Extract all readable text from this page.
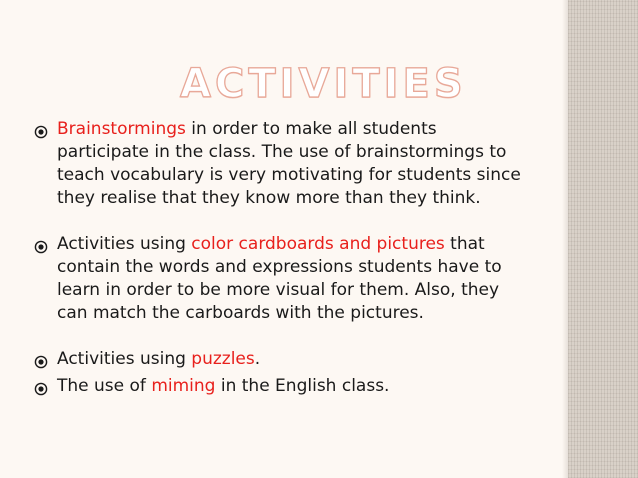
ACTIVITIES

Brainstormings in order to make all students participate in the class. The use of brainstormings to teach vocabulary is very motivating for students since they realise that they know more than they think.

Activities using color cardboards and pictures that contain the words and expressions students have to learn in order to be more visual for them. Also, they can match the carboards with the pictures.

Activities using puzzles.

The use of miming in the English class.
